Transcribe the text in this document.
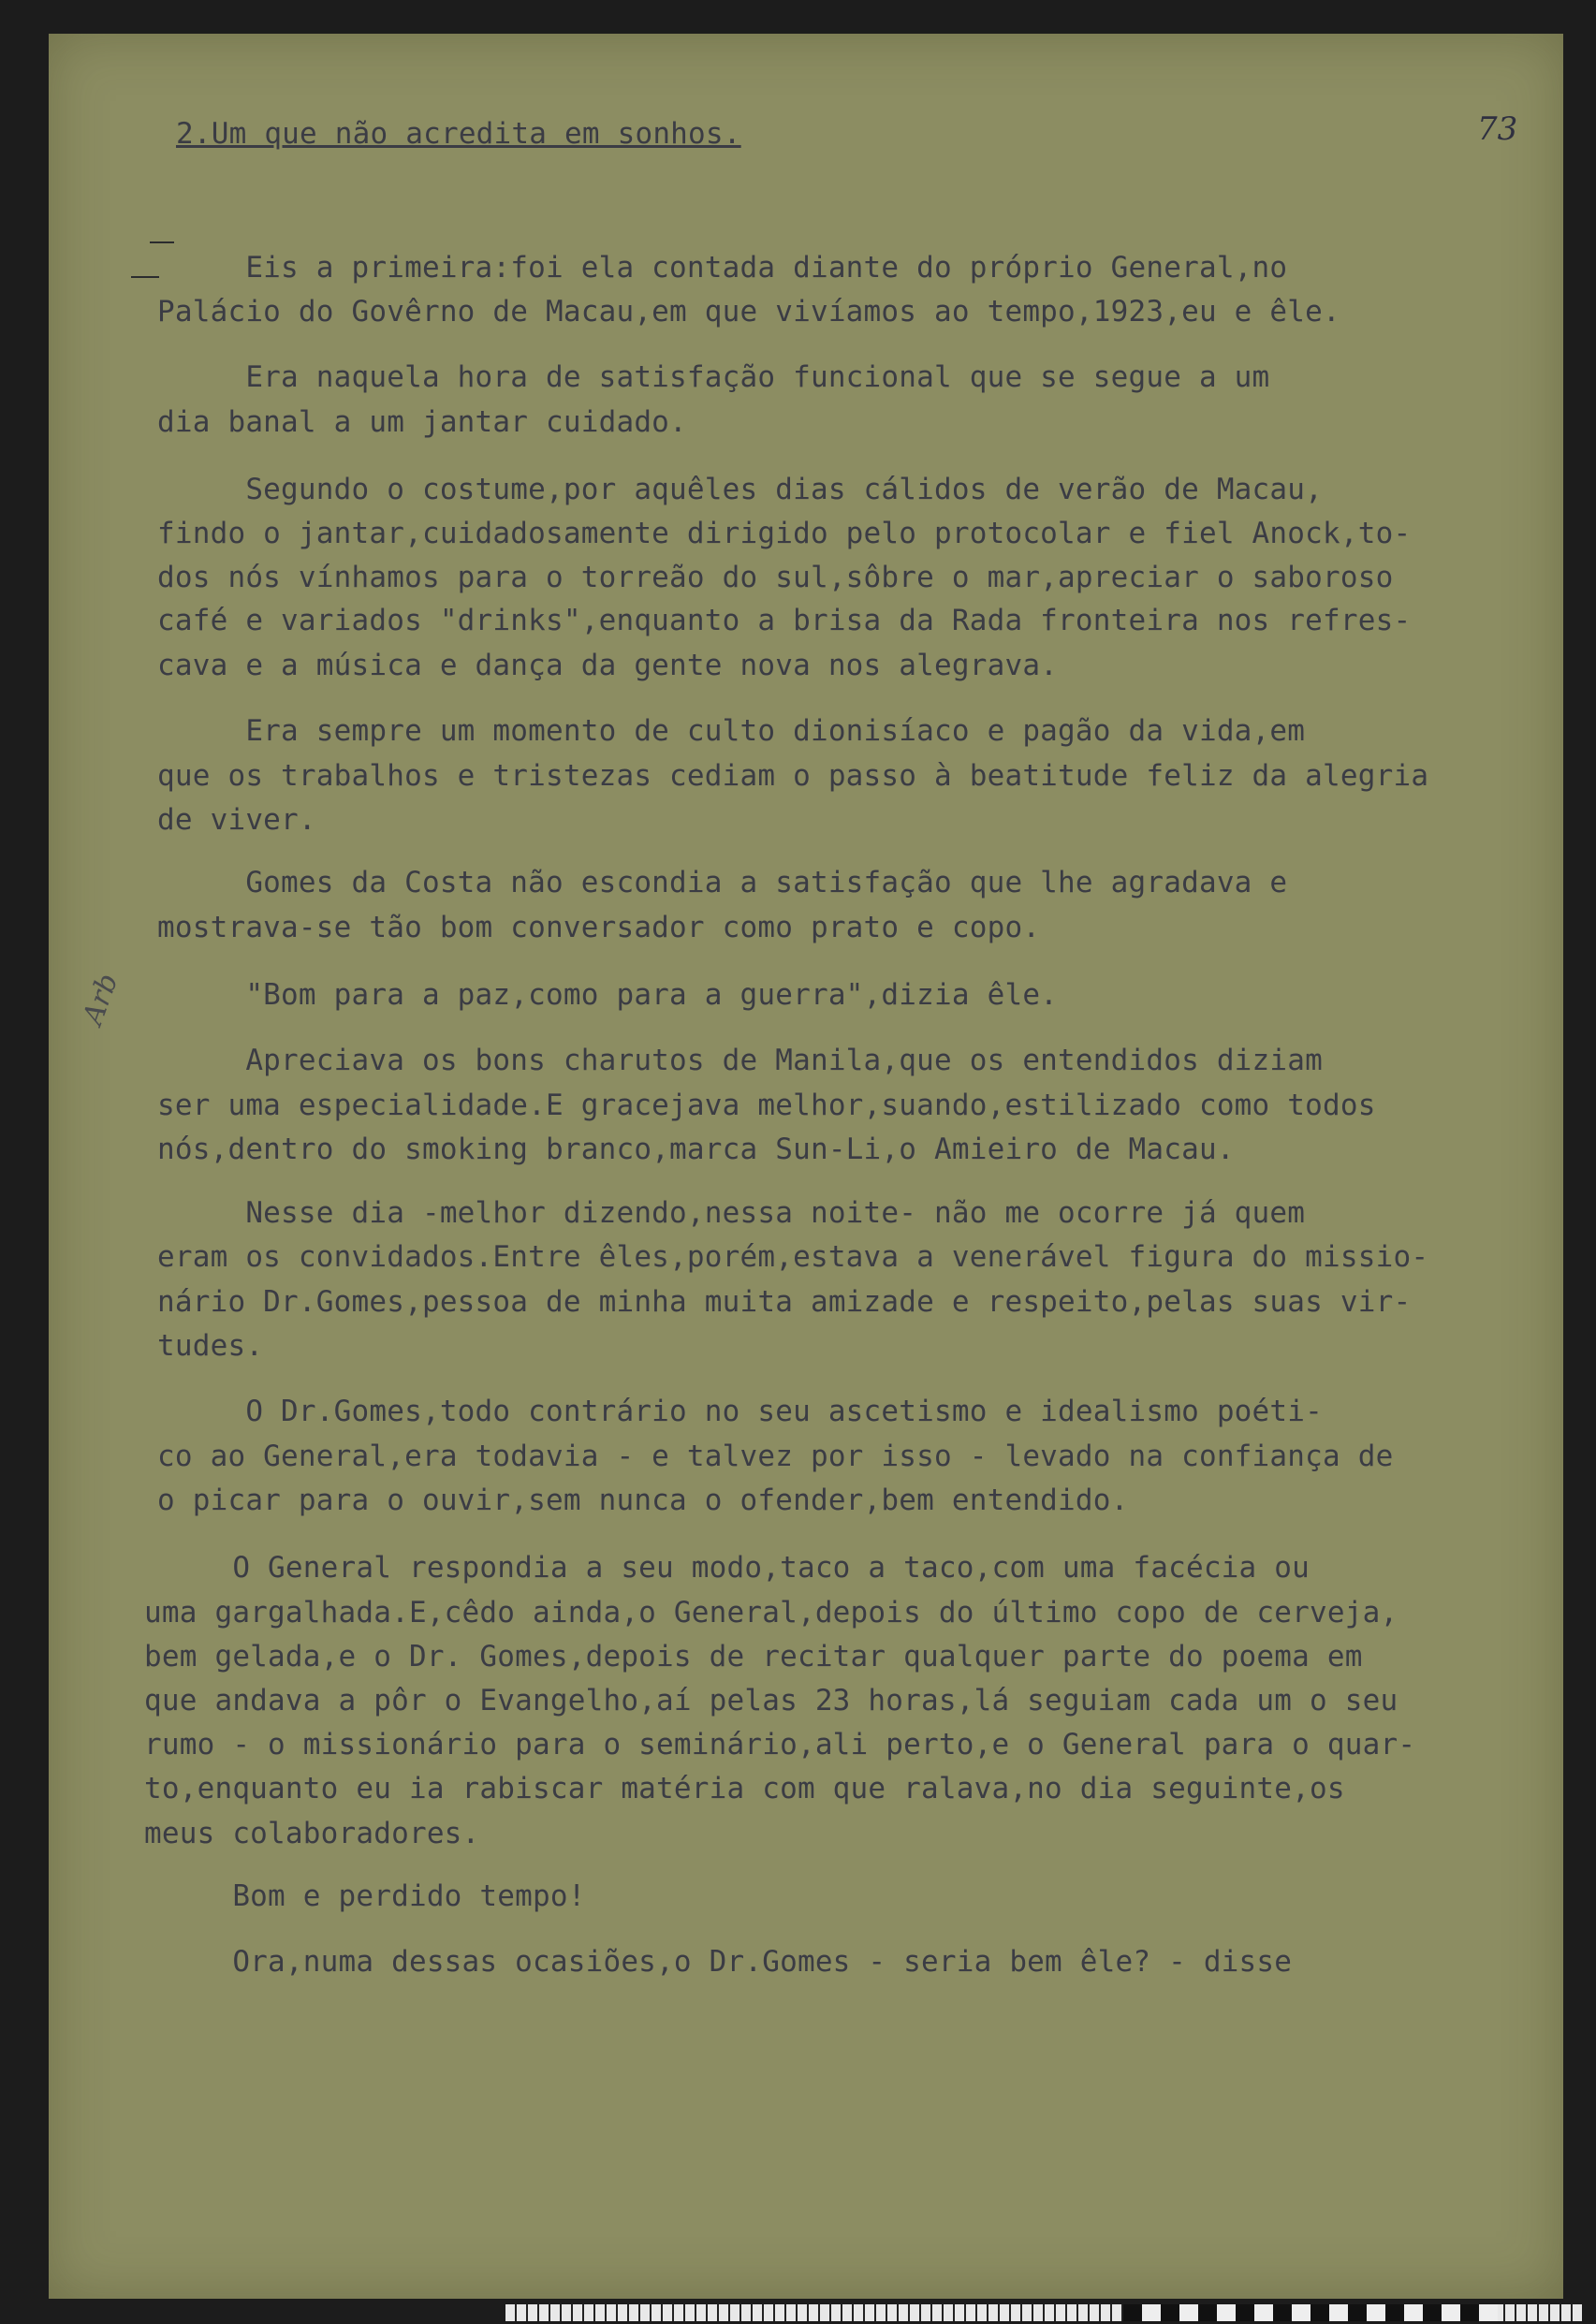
2.Um que não acredita em sonhos.	73
Arb
Eis a primeira:foi ela contada diante do próprio General,no
Palácio do Govêrno de Macau,em que vivíamos ao tempo,1923,eu e êle.
Era naquela hora de satisfação funcional que se segue a um
dia banal a um jantar cuidado.
Segundo o costume,por aquêles dias cálidos de verão de Macau,
findo o jantar,cuidadosamente dirigido pelo protocolar e fiel Anock,to-
dos nós vínhamos para o torreão do sul,sôbre o mar,apreciar o saboroso
café e variados "drinks",enquanto a brisa da Rada fronteira nos refres-
cava e a música e dança da gente nova nos alegrava.
Era sempre um momento de culto dionisíaco e pagão da vida,em
que os trabalhos e tristezas cediam o passo à beatitude feliz da alegria
de viver.
Gomes da Costa não escondia a satisfação que lhe agradava e
mostrava-se tão bom conversador como prato e copo.
"Bom para a paz,como para a guerra",dizia êle.
Apreciava os bons charutos de Manila,que os entendidos diziam
ser uma especialidade.E gracejava melhor,suando,estilizado como todos
nós,dentro do smoking branco,marca Sun-Li,o Amieiro de Macau.
Nesse dia -melhor dizendo,nessa noite- não me ocorre já quem
eram os convidados.Entre êles,porém,estava a venerável figura do missio-
nário Dr.Gomes,pessoa de minha muita amizade e respeito,pelas suas vir-
tudes.
O Dr.Gomes,todo contrário no seu ascetismo e idealismo poéti-
co ao General,era todavia - e talvez por isso - levado na confiança de
o picar para o ouvir,sem nunca o ofender,bem entendido.
O General respondia a seu modo,taco a taco,com uma facécia ou
uma gargalhada.E,cêdo ainda,o General,depois do último copo de cerveja,
bem gelada,e o Dr. Gomes,depois de recitar qualquer parte do poema em
que andava a pôr o Evangelho,aí pelas 23 horas,lá seguiam cada um o seu
rumo - o missionário para o seminário,ali perto,e o General para o quar-
to,enquanto eu ia rabiscar matéria com que ralava,no dia seguinte,os
meus colaboradores.
Bom e perdido tempo!
Ora,numa dessas ocasiões,o Dr.Gomes - seria bem êle? - disse
